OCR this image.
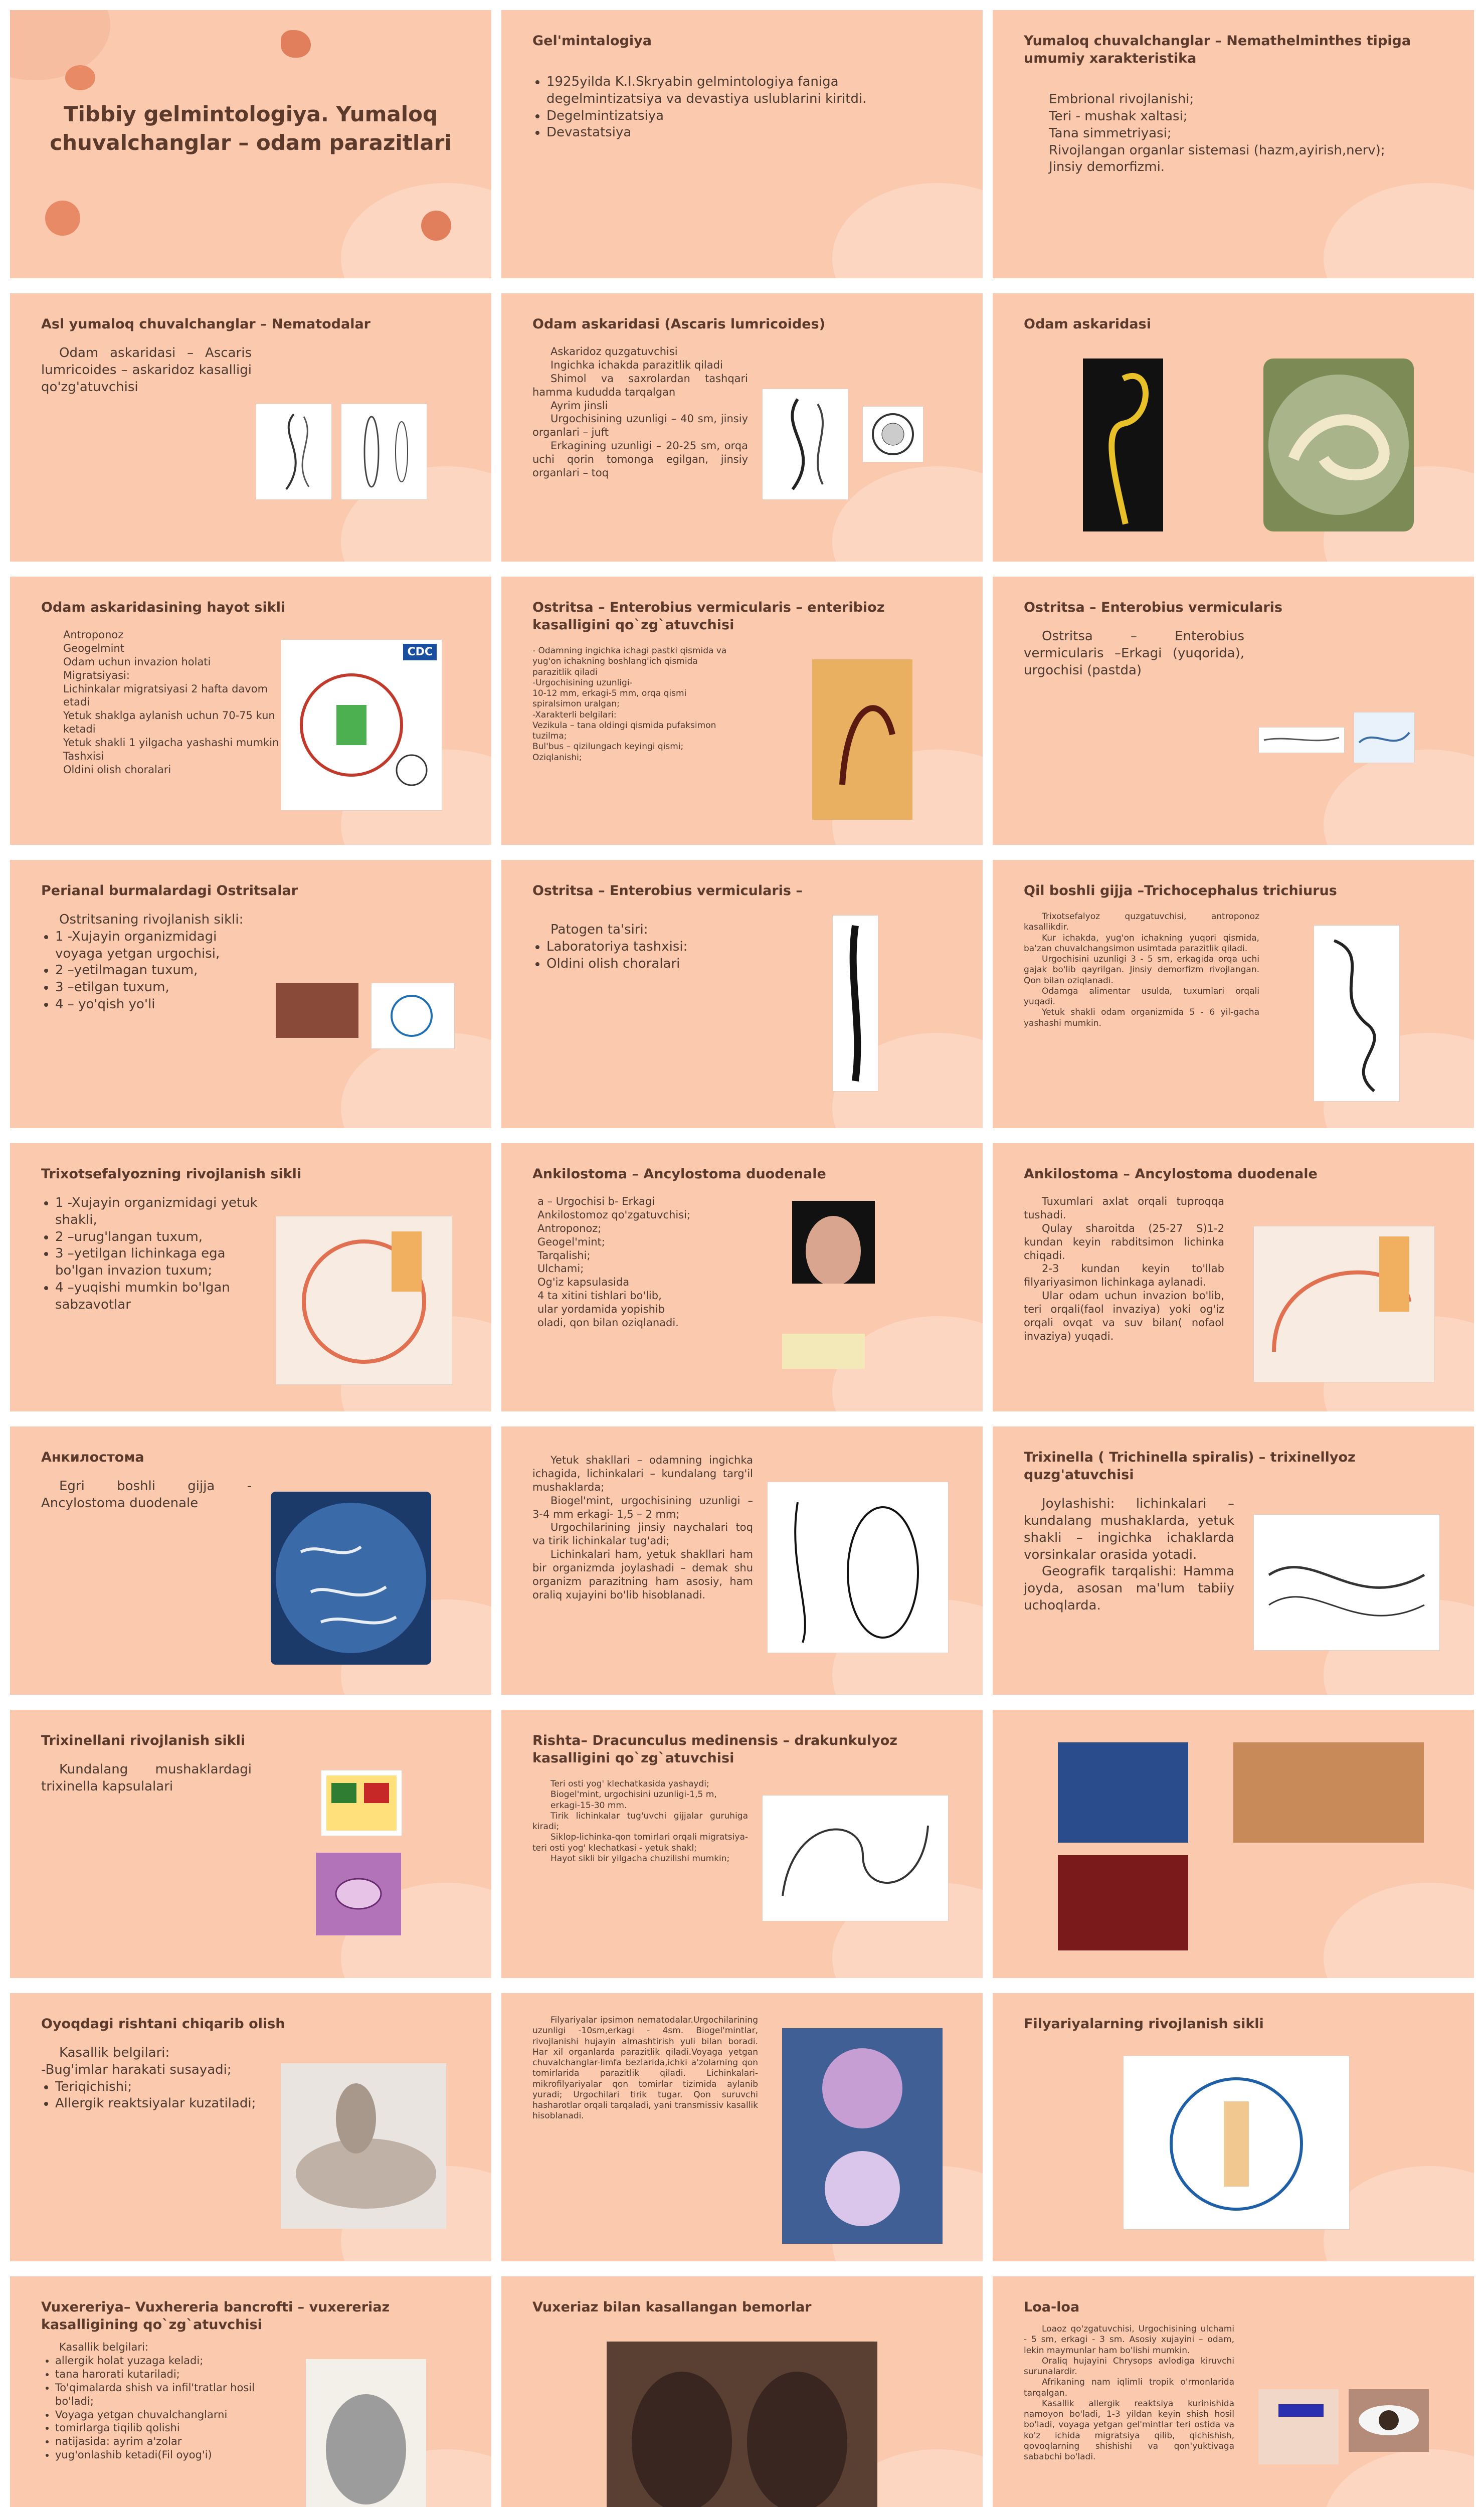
Tibbiy gelmintologiya. Yumaloq chuvalchanglar – odam parazitlari
Gel'mintalogiya
• 1925yilda K.I.Skryabin gelmintologiya faniga degelmintizatsiya va devastiya uslublarini kiritdi.
• Degelmintizatsiya
• Devastatsiya
Yumaloq chuvalchanglar – Nemathelminthes tipiga umumiy xarakteristika
Embrional rivojlanishi;
Teri - mushak xaltasi;
Tana simmetriyasi;
Rivojlangan organlar sistemasi (hazm,ayirish,nerv);
Jinsiy demorfizmi.
Asl yumaloq chuvalchanglar – Nematodalar
Odam askaridasi – Ascaris lumricoides – askaridoz kasalligi qo'zg'atuvchisi
Odam askaridasi (Ascaris lumricoides)
Askaridoz quzgatuvchisi
Ingichka ichakda parazitlik qiladi
Shimol va saxrolardan tashqari hamma kududda tarqalgan
Ayrim jinsli
Urgochisining uzunligi – 40 sm, jinsiy organlari – juft
Erkagining uzunligi – 20-25 sm, orqa uchi qorin tomonga egilgan, jinsiy organlari – toq
Odam askaridasi
Odam askaridasining hayot sikli
Antroponoz
Geogelmint
Odam uchun invazion holati
Migratsiyasi:
Lichinkalar migratsiyasi 2 hafta davom etadi
Yetuk shaklga aylanish uchun 70-75 kun ketadi
Yetuk shakli 1 yilgacha yashashi mumkin
Tashxisi
Oldini olish choralari
CDC
Ostritsa – Enterobius vermicularis – enteribioz kasalligini qo`zg`atuvchisi
- Odamning ingichka ichagi pastki qismida va yug'on ichakning boshlang'ich qismida parazitlik qiladi
-Urgochisining uzunligi-
10-12 mm, erkagi-5 mm, orqa qismi spiralsimon uralgan;
-Xarakterli belgilari:
Vezikula – tana oldingi qismida pufaksimon tuzilma;
Bul'bus – qizilungach keyingi qismi;
Oziqlanishi;
Ostritsa – Enterobius vermicularis
Ostritsa – Enterobius vermicularis –Erkagi (yuqorida), urgochisi (pastda)
Perianal burmalardagi Ostritsalar
Ostritsaning rivojlanish sikli:
• 1 -Xujayin organizmidagi voyaga yetgan urgochisi,
• 2 –yetilmagan tuxum,
• 3 –etilgan tuxum,
• 4 – yo'qish yo'li
Ostritsa – Enterobius vermicularis –
Patogen ta'siri:
• Laboratoriya tashxisi:
• Oldini olish choralari
Qil boshli gijja –Trichocephalus trichiurus
Trixotsefalyoz quzgatuvchisi, antroponoz kasallikdir.
Kur ichakda, yug'on ichakning yuqori qismida, ba'zan chuvalchangsimon usimtada parazitlik qiladi.
Urgochisini uzunligi 3 - 5 sm, erkagida orqa uchi gajak bo'lib qayrilgan. Jinsiy demorfizm rivojlangan. Qon bilan oziqlanadi.
Odamga alimentar usulda, tuxumlari orqali yuqadi.
Yetuk shakli odam organizmida 5 - 6 yil-gacha yashashi mumkin.
Trixotsefalyozning rivojlanish sikli
• 1 -Xujayin organizmidagi yetuk shakli,
• 2 –urug'langan tuxum,
• 3 –yetilgan lichinkaga ega bo'lgan invazion tuxum;
• 4 –yuqishi mumkin bo'lgan sabzavotlar
Ankilostoma – Ancylostoma duodenale
a – Urgochisi b- Erkagi
Ankilostomoz qo'zgatuvchisi;
Antroponoz;
Geogel'mint;
Tarqalishi;
Ulchami;
Og'iz kapsulasida
4 ta xitini tishlari bo'lib,
ular yordamida yopishib
oladi, qon bilan oziqlanadi.
Ankilostoma – Ancylostoma duodenale
Tuxumlari axlat orqali tuproqqa tushadi.
Qulay sharoitda (25-27 S)1-2 kundan keyin rabditsimon lichinka chiqadi.
2-3 kundan keyin to'llab filyariyasimon lichinkaga aylanadi.
Ular odam uchun invazion bo'lib, teri orqali(faol invaziya) yoki og'iz orqali ovqat va suv bilan( nofaol invaziya) yuqadi.
Анкилостома
Egri boshli gijja - Ancylostoma duodenale
Yetuk shakllari – odamning ingichka ichagida, lichinkalari – kundalang targ'il mushaklarda;
Biogel'mint, urgochisining uzunligi – 3-4 mm erkagi- 1,5 – 2 mm;
Urgochilarining jinsiy naychalari toq va tirik lichinkalar tug'adi;
Lichinkalari ham, yetuk shakllari ham bir organizmda joylashadi – demak shu organizm parazitning ham asosiy, ham oraliq xujayini bo'lib hisoblanadi.
Trixinella ( Trichinella spiralis) – trixinellyoz quzg'atuvchisi
Joylashishi: lichinkalari – kundalang mushaklarda, yetuk shakli – ingichka ichaklarda vorsinkalar orasida yotadi.
Geografik tarqalishi: Hamma joyda, asosan ma'lum tabiiy uchoqlarda.
Trixinellani rivojlanish sikli
Kundalang mushaklardagi trixinella kapsulalari
Rishta– Dracunculus medinensis – drakunkulyoz kasalligini qo`zg`atuvchisi
Teri osti yog' klechatkasida yashaydi;
Biogel'mint, urgochisini uzunligi-1,5 m,
erkagi-15-30 mm.
Tirik lichinkalar tug'uvchi gijjalar guruhiga kiradi;
Siklop-lichinka-qon tomirlari orqali migratsiya-teri osti yog' klechatkasi - yetuk shakl;
Hayot sikli bir yilgacha chuzilishi mumkin;
Oyoqdagi rishtani chiqarib olish
Kasallik belgilari:
-Bug'imlar harakati susayadi;
• Teriqichishi;
• Allergik reaktsiyalar kuzatiladi;
Filyariyalar ipsimon nematodalar.Urgochilarining uzunligi -10sm,erkagi - 4sm. Biogel'mintlar, rivojlanishi hujayin almashtirish yuli bilan boradi. Har xil organlarda parazitlik qiladi.Voyaga yetgan chuvalchanglar-limfa bezlarida,ichki a'zolarning qon tomirlarida parazitlik qiladi. Lichinkalari-mikrofilyariyalar qon tomirlar tizimida aylanib yuradi; Urgochilari tirik tugar. Qon suruvchi hasharotlar orqali tarqaladi, yani transmissiv kasallik hisoblanadi.
Filyariyalarning rivojlanish sikli
Vuxereriya– Vuxhereria bancrofti – vuxereriaz kasalligining qo`zg`atuvchisi
Kasallik belgilari:
• allergik holat yuzaga keladi;
• tana harorati kutariladi;
• To'qimalarda shish va infil'tratlar hosil bo'ladi;
• Voyaga yetgan chuvalchanglarni
• tomirlarga tiqilib qolishi
• natijasida: ayrim a'zolar
• yug'onlashib ketadi(Fil oyog'i)
Vuxeriaz bilan kasallangan bemorlar	Loa-loa
Loaoz qo'zgatuvchisi, Urgochisining ulchami - 5 sm, erkagi - 3 sm. Asosiy xujayini – odam, lekin maymunlar ham bo'lishi mumkin.
Oraliq hujayini Chrysops avlodiga kiruvchi surunalardir.
Afrikaning nam iqlimli tropik o'rmonlarida tarqalgan.
Kasallik allergik reaktsiya kurinishida namoyon bo'ladi, 1-3 yildan keyin shish hosil bo'ladi, voyaga yetgan gel'mintlar teri ostida va ko'z ichida migratsiya qilib, qichishish, qovoqlarning shishishi va qon'yuktivaga sababchi bo'ladi.
